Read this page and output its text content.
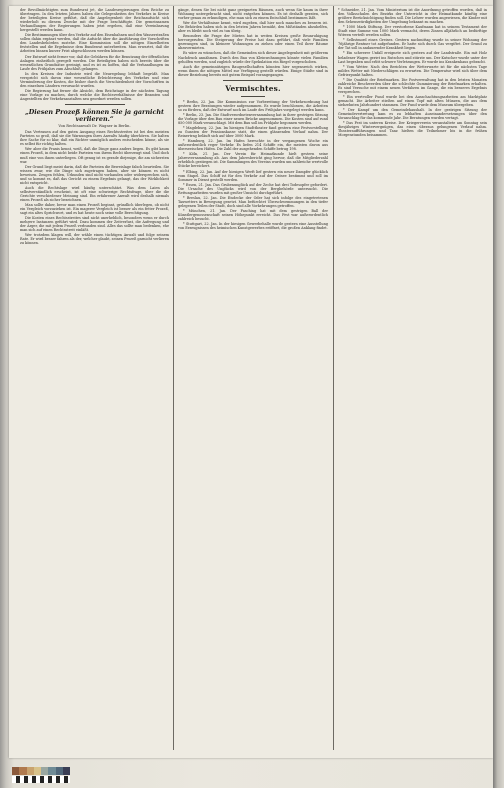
der Bevollmächtigten zum Bundesrat jet, die Landesregierungen dem Reiche zu übertragen. In den letzten Jahren haben die Gelegenheiten des Verkehrs in Kreise der beteiligten Kreise geführt, daß die Angelegenheit der Reichsaufsicht sich wiederholt zu diesem Zwecke mit der Frage beschäftigte. Die gemeinsamen Verhandlungen der Regierungen haben jetzt ergeben, daß eine Vereinbarung hergestellt werden kann.

Die Bestimmungen über den Verkehr auf den Eisenbahnen und den Wasserstraßen sollen dahin ergänzt werden, daß die Aufsicht über die Ausführung der Vorschriften den Landesbehörden zustehe. Eine Kommission soll die nötigen Einzelheiten feststellen und die Ergebnisse dem Bundesrat unterbreiten. Man erwartet, daß die Arbeiten binnen kurzer Frist abgeschlossen werden können.

Der Entwurf sieht ferner vor, daß die Gebühren für die Benutzung der öffentlichen Anlagen einheitlich geregelt werden. Die Beteiligten haben sich bereits über die wesentlichen Grundsätze geeinigt, und es ist zu hoffen, daß die Verhandlungen im Laufe des Frühjahrs zum Abschluß gelangen.

In den Kreisen der Industrie wird die Neuregelung lebhaft begrüßt. Man verspricht sich davon eine wesentliche Erleichterung des Verkehrs und eine Verminderung der Kosten, die bisher durch die Verschiedenheit der Vorschriften in den einzelnen Ländern verursacht wurden.

Die Regierung hat ferner die Absicht, dem Reichstage in der nächsten Tagung eine Vorlage zu machen, durch welche die Rechtsverhältnisse der Beamten und Angestellten der Verkehrsanstalten neu geordnet werden sollen.

„Diesen Prozeß können Sie ja garnicht verlieren.“
Von Rechtsanwalt Dr. Wagner in Berlin.

Das Vertrauen auf den guten Ausgang eines Rechtsstreites ist bei den meisten Parteien so groß, daß sie die Warnungen ihres Anwalts häufig überhören. Sie halten ihre Sache für so klar, daß ein Richter unmöglich anders entscheiden könne, als sie es selbst für richtig halten.

Wer aber die Praxis kennt, weiß, daß die Dinge ganz anders liegen. Es gibt kaum einen Prozeß, in dem nicht beide Parteien von ihrem Recht überzeugt sind. Und doch muß eine von ihnen unterliegen. Oft genug ist es gerade diejenige, die am sichersten war.

Der Grund liegt meist darin, daß die Parteien die Beweislage falsch beurteilen. Sie wissen zwar, wie die Dinge sich zugetragen haben, aber sie können es nicht beweisen. Zeugen fehlen, Urkunden sind nicht vorhanden oder widersprechen sich, und so kommt es, daß das Gericht zu einem Ergebnis gelangt, das der Wirklichkeit nicht entspricht.

Auch die Rechtslage wird häufig unterschätzt. Was dem Laien als selbstverständlich erscheint, ist oft eine schwierige Rechtsfrage, über die die Gerichte verschiedener Meinung sind. Ein erfahrener Anwalt wird deshalb niemals einen Prozeß als sicher bezeichnen.

Man sollte daher, bevor man einen Prozeß beginnt, gründlich überlegen, ob nicht ein Vergleich vorzuziehen ist. Ein magerer Vergleich ist besser als ein fetter Prozeß, sagt ein altes Sprichwort, und es hat heute noch seine volle Berechtigung.

Die Kosten eines Rechtsstreites sind nicht unerheblich, besonders wenn er durch mehrere Instanzen geführt wird. Dazu kommen der Zeitverlust, die Aufregung und der Ärger, die mit jedem Prozeß verbunden sind. Alles das sollte man bedenken, ehe man sich auf einen Rechtsstreit einläßt.

Wer trotzdem klagen will, der wähle einen tüchtigen Anwalt und folge seinem Rate. Er wird besser fahren als der, welcher glaubt, seinen Prozeß garnicht verlieren zu können.

gänge, denen Sie bei nicht ganz geeigneten Räumen, auch wenn Sie kaum in ihrer Wohnung untergebracht sind, nicht entgehen können. Es ist deshalb geraten, sich vorher genau zu erkundigen, ehe man sich zu einem Entschluß bestimmen läßt.

Wer die Verhältnisse kennt, wird zugeben, daß hier noch manches zu bessern ist. Die Behörden haben sich in den letzten Jahren bemüht, den Mißständen abzuhelfen, aber es bleibt noch viel zu tun übrig.

Besonders die Frage der Mieten hat in weiten Kreisen große Beunruhigung hervorgerufen. Die Steigerung der Preise hat dazu geführt, daß viele Familien gezwungen sind, in kleinere Wohnungen zu ziehen oder einen Teil ihrer Räume abzuvermieten.

Es wäre zu wünschen, daß die Gemeinden sich dieser Angelegenheit mit größerem Nachdruck annähmen. Durch den Bau von Kleinwohnungen könnte vielen Familien geholfen werden, und zugleich würde der Spekulation ein Riegel vorgeschoben.

Auch die gemeinnützigen Baugesellschaften könnten hier segensreich wirken, wenn ihnen die nötigen Mittel zur Verfügung gestellt würden. Einige Städte sind in dieser Beziehung bereits mit gutem Beispiel vorangegangen.

Vermischtes.

* Berlin, 22. Jan. Die Kommission zur Vorbereitung der Verkehrsordnung hat gestern ihre Beratungen wieder aufgenommen. Es wurde beschlossen, die Arbeiten so zu fördern, daß der Entwurf noch im Laufe des Frühjahrs vorgelegt werden kann.

* Berlin, 23. Jan. Die Stadtverordnetenversammlung hat in ihrer gestrigen Sitzung die Vorlage über den Bau einer neuen Brücke angenommen. Die Kosten sind auf rund 850 000 Mark veranschlagt. Mit dem Bau soll im Frühjahr begonnen werden.

* Magdeburg, 22. Jan. Im hiesigen Stadttheater fand gestern eine Festvorstellung zu Gunsten der Pensionskasse statt, die einen glänzenden Verlauf nahm. Der Reinertrag beläuft sich auf über 3000 Mark.

* Hamburg, 22. Jan. Im Hafen herrschte in der vergangenen Woche ein außerordentlich reger Verkehr. Es liefen 214 Schiffe ein, die meisten davon aus überseeischen Häfen. Die Zahl der ausgehenden Schiffe betrug 198.

* Köln, 21. Jan. Der Verein für Heimatkunde hielt gestern seine Jahresversammlung ab. Aus dem Jahresbericht ging hervor, daß die Mitgliederzahl erheblich gestiegen ist. Die Sammlungen des Vereins wurden um zahlreiche wertvolle Stücke bereichert.

* Elbing, 22. Jan. Auf der hiesigen Werft lief gestern ein neuer Dampfer glücklich vom Stapel. Das Schiff ist für den Verkehr auf der Ostsee bestimmt und soll im Sommer in Dienst gestellt werden.

* Essen, 21. Jan. Das Grubenunglück auf der Zeche hat drei Todesopfer gefordert. Die Ursache des Unglücks wird von der Bergbehörde untersucht. Die Rettungsarbeiten wurden mit großer Umsicht durchgeführt.

* Breslau, 22. Jan. Die Eisdecke der Oder hat sich infolge des eingetretenen Tauwetters in Bewegung gesetzt. Man befürchtet Überschwemmungen in den tiefer gelegenen Teilen der Stadt, doch sind alle Vorkehrungen getroffen.

* München, 21. Jan. Der Fasching hat mit dem gestrigen Ball der Künstlergenossenschaft seinen Höhepunkt erreicht. Das Fest war außerordentlich zahlreich besucht.

* Stuttgart, 22. Jan. In der hiesigen Gewerbehalle wurde gestern eine Ausstellung von Erzeugnissen des heimischen Kunstgewerbes eröffnet, die großen Anklang findet.

* Schneider, 21. Jan. Vom Ministerium ist die Anordnung getroffen worden, daß in den Volksschulen des Bezirks der Unterricht in der Heimatkunde künftig eine größere Berücksichtigung finden soll. Die Lehrer wurden angewiesen, die Kinder mit den Sehenswürdigkeiten der Umgebung bekannt zu machen.

* 1000 Mark Stiftung. Der verstorbene Kaufmann hat in seinem Testament der Stadt eine Summe von 1000 Mark vermacht, deren Zinsen alljährlich an bedürftige Witwen verteilt werden sollen.

* Selbstmord eines Greises. Gestern nachmittag wurde in seiner Wohnung der 76jährige Rentner tot aufgefunden. Er hatte sich durch Gas vergiftet. Der Grund zu der Tat soll in andauernder Krankheit liegen.

* Ein schwerer Unfall ereignete sich gestern auf der Landstraße. Ein mit Holz beladener Wagen geriet ins Rutschen und stürzte um. Der Kutscher wurde unter der Last begraben und erlitt schwere Verletzungen. Er wurde ins Krankenhaus gebracht.

* Vom Wetter. Nach den Berichten der Wetterwarte ist für die nächsten Tage mildes Wetter mit Niederschlägen zu erwarten. Die Temperatur wird sich über dem Gefrierpunkt halten.

* Die Qualität der Briefmarken. Die Postverwaltung hat in den letzten Monaten zahlreiche Beschwerden über die schlechte Gummierung der Briefmarken erhalten. Es sind Versuche mit einem neuen Verfahren im Gange, die ein besseres Ergebnis versprechen.

* Ein wertvoller Fund wurde bei den Ausschachtungsarbeiten am Marktplatz gemacht. Die Arbeiter stießen auf einen Topf mit alten Münzen, die aus dem siebzehnten Jahrhundert stammen. Der Fund wurde dem Museum übergeben.

* Der Kampf um den Gemeindehaushalt. In der gestrigen Sitzung der Gemeindevertretung kam es zu lebhaften Auseinandersetzungen über den Voranschlag für das kommende Jahr. Die Beratungen wurden vertagt.

* Das Fest im unteren Kreise. Der Kriegerverein veranstaltete am Sonntag sein diesjähriges Wintervergnügen, das einen überaus gelungenen Verlauf nahm. Theateraufführungen und Tanz hielten die Teilnehmer bis in die frühen Morgenstunden beisammen.
